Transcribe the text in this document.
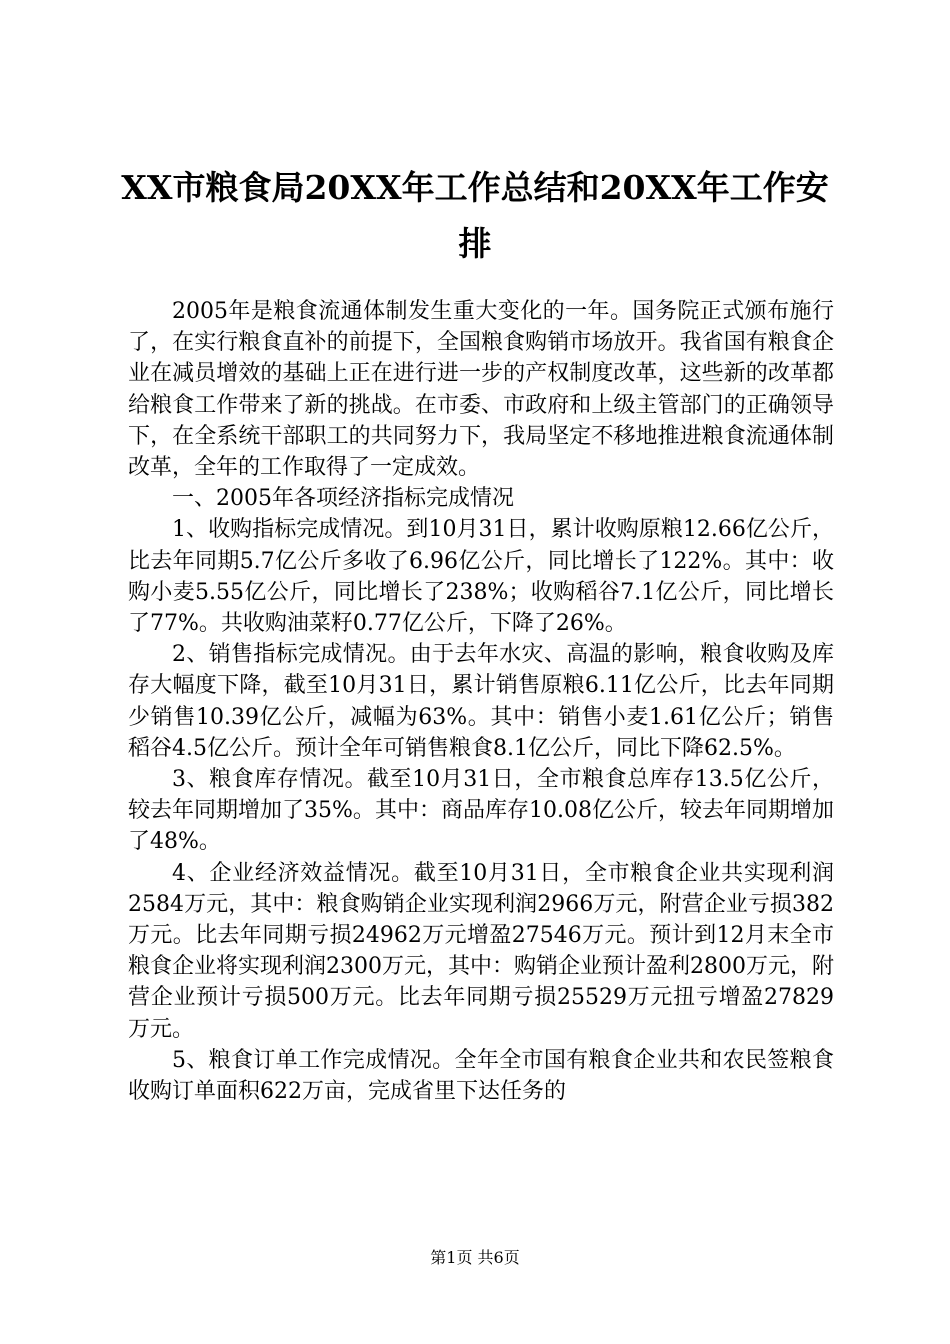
XX市粮食局20XX年工作总结和20XX年工作安排

2005年是粮食流通体制发生重大变化的一年。国务院正式颁布施行了，在实行粮食直补的前提下，全国粮食购销市场放开。我省国有粮食企业在减员增效的基础上正在进行进一步的产权制度改革，这些新的改革都给粮食工作带来了新的挑战。在市委、市政府和上级主管部门的正确领导下，在全系统干部职工的共同努力下，我局坚定不移地推进粮食流通体制改革，全年的工作取得了一定成效。

一、2005年各项经济指标完成情况

1、收购指标完成情况。到10月31日，累计收购原粮12.66亿公斤，比去年同期5.7亿公斤多收了6.96亿公斤，同比增长了122%。其中：收购小麦5.55亿公斤，同比增长了238%；收购稻谷7.1亿公斤，同比增长了77%。共收购油菜籽0.77亿公斤，下降了26%。

2、销售指标完成情况。由于去年水灾、高温的影响，粮食收购及库存大幅度下降，截至10月31日，累计销售原粮6.11亿公斤，比去年同期少销售10.39亿公斤，减幅为63%。其中：销售小麦1.61亿公斤；销售稻谷4.5亿公斤。预计全年可销售粮食8.1亿公斤，同比下降62.5%。

3、粮食库存情况。截至10月31日，全市粮食总库存13.5亿公斤，较去年同期增加了35%。其中：商品库存10.08亿公斤，较去年同期增加了48%。

4、企业经济效益情况。截至10月31日，全市粮食企业共实现利润2584万元，其中：粮食购销企业实现利润2966万元，附营企业亏损382万元。比去年同期亏损24962万元增盈27546万元。预计到12月末全市粮食企业将实现利润2300万元，其中：购销企业预计盈利2800万元，附营企业预计亏损500万元。比去年同期亏损25529万元扭亏增盈27829万元。

5、粮食订单工作完成情况。全年全市国有粮食企业共和农民签粮食收购订单面积622万亩，完成省里下达任务的

第1页 共6页
